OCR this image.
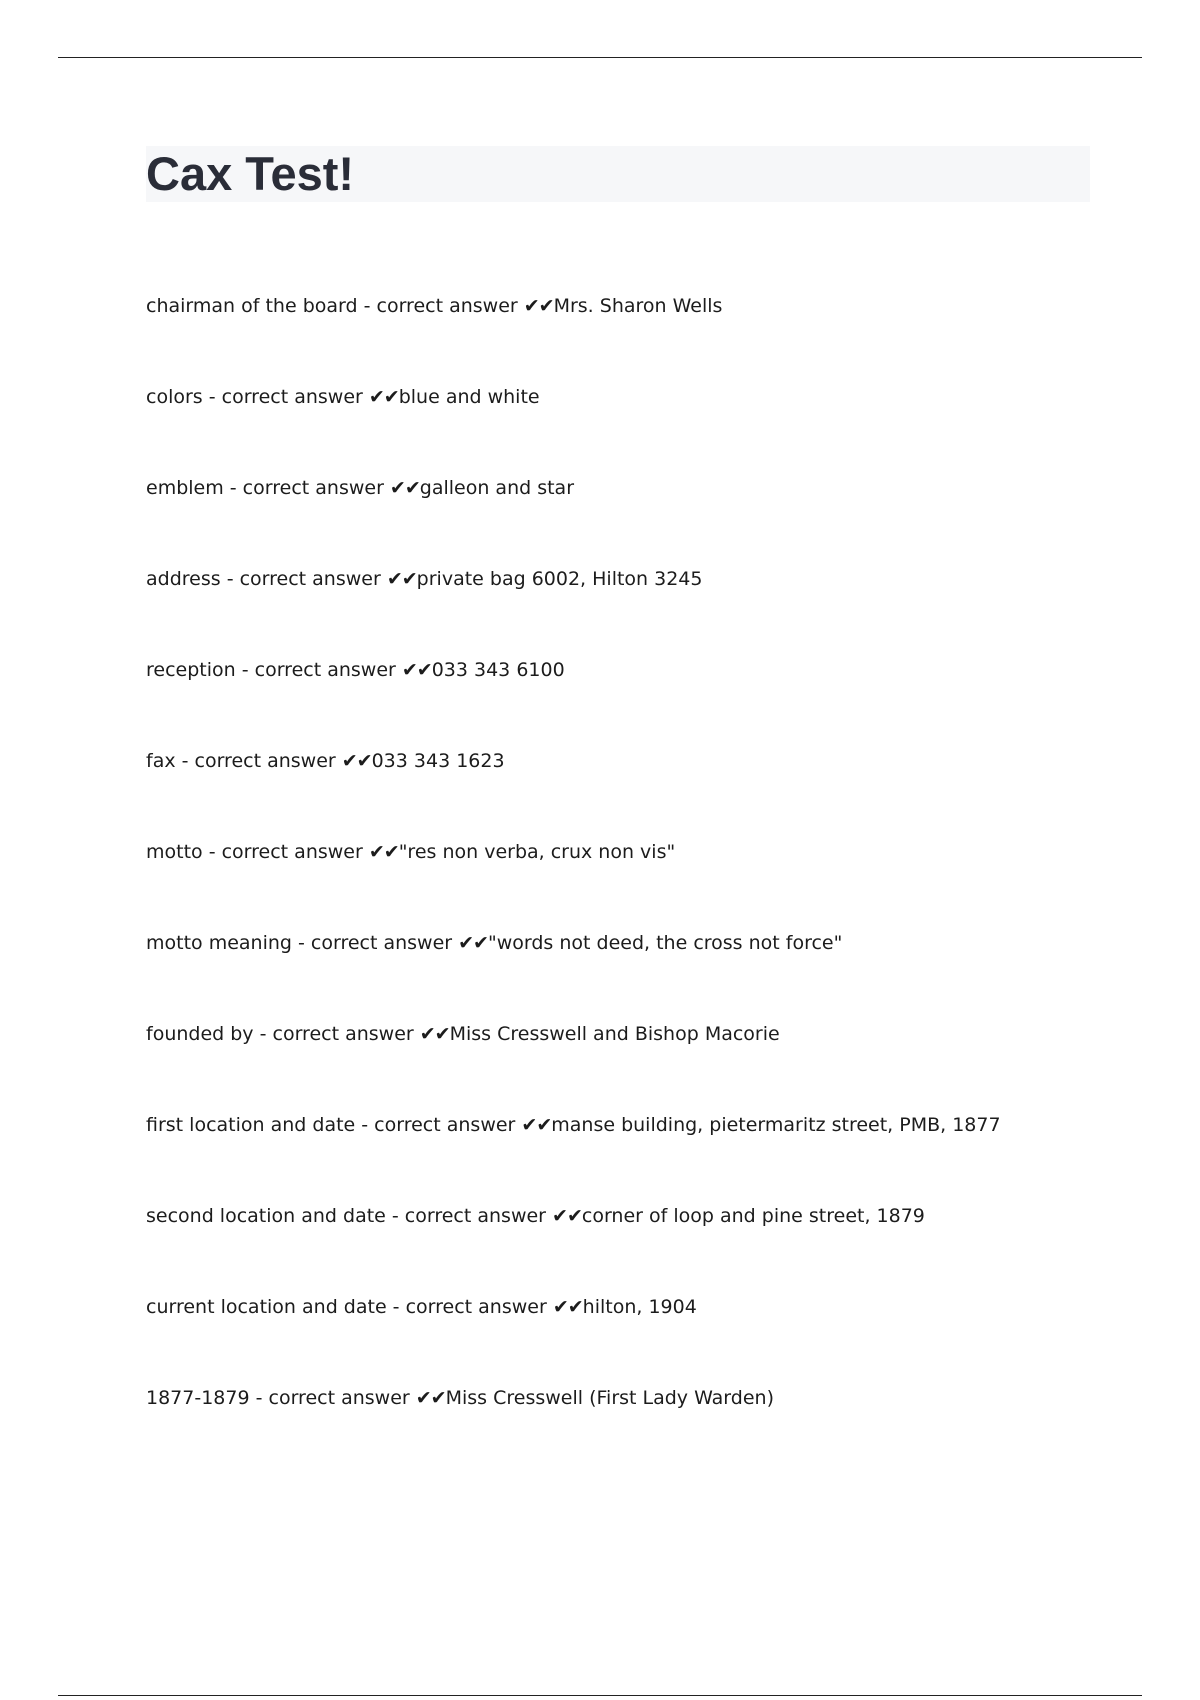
Cax Test!
chairman of the board - correct answer ✔✔Mrs. Sharon Wells
colors - correct answer ✔✔blue and white
emblem - correct answer ✔✔galleon and star
address - correct answer ✔✔private bag 6002, Hilton 3245
reception - correct answer ✔✔033 343 6100
fax - correct answer ✔✔033 343 1623
motto - correct answer ✔✔"res non verba, crux non vis"
motto meaning - correct answer ✔✔"words not deed, the cross not force"
founded by - correct answer ✔✔Miss Cresswell and Bishop Macorie
first location and date - correct answer ✔✔manse building, pietermaritz street, PMB, 1877
second location and date - correct answer ✔✔corner of loop and pine street, 1879
current location and date - correct answer ✔✔hilton, 1904
1877-1879 - correct answer ✔✔Miss Cresswell (First Lady Warden)
